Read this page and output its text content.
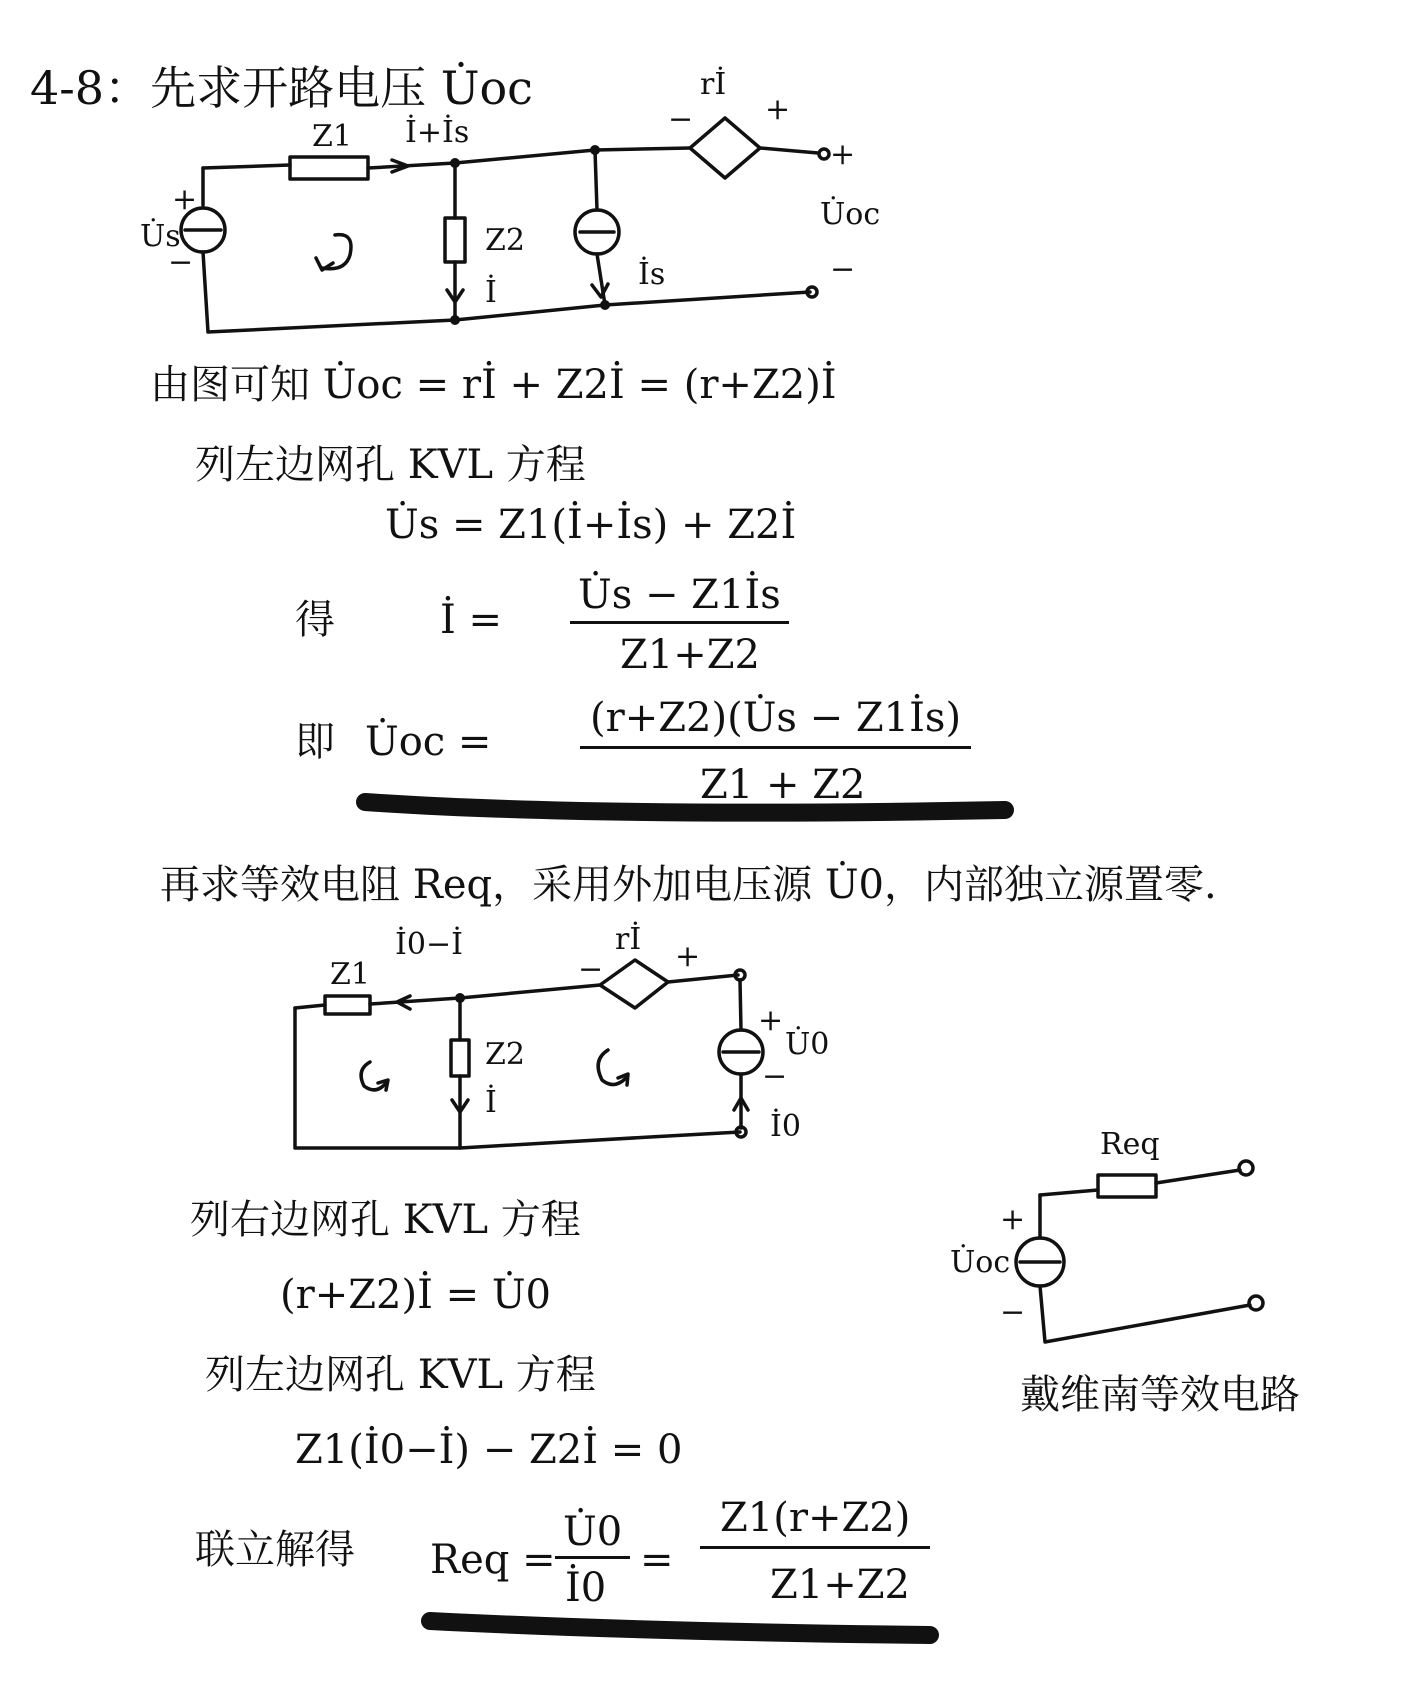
4-8：先求开路电压 U̇oc
Z1 İ+İs
+
U̇s
−
Z2
İ
İs
−
rİ
+
+
U̇oc
−
由图可知 U̇oc = rİ + Z2İ = (r+Z2)İ
列左边网孔 KVL 方程
U̇s = Z1(İ+İs) + Z2İ
得	İ =
U̇s − Z1İs
Z1+Z2
即 U̇oc =
(r+Z2)(U̇s − Z1İs)
Z1 + Z2
再求等效电阻 Req，采用外加电压源 U̇0，内部独立源置零.
Z1
İ0−İ
Z2
İ
−
rİ +
+
U̇0
−
İ0
列右边网孔 KVL 方程
(r+Z2)İ = U̇0
列左边网孔 KVL 方程
Z1(İ0−İ) − Z2İ = 0
联立解得 Req =
U̇0
İ0
=
Z1(r+Z2)
Z1+Z2
Req
+
U̇oc
−
戴维南等效电路
